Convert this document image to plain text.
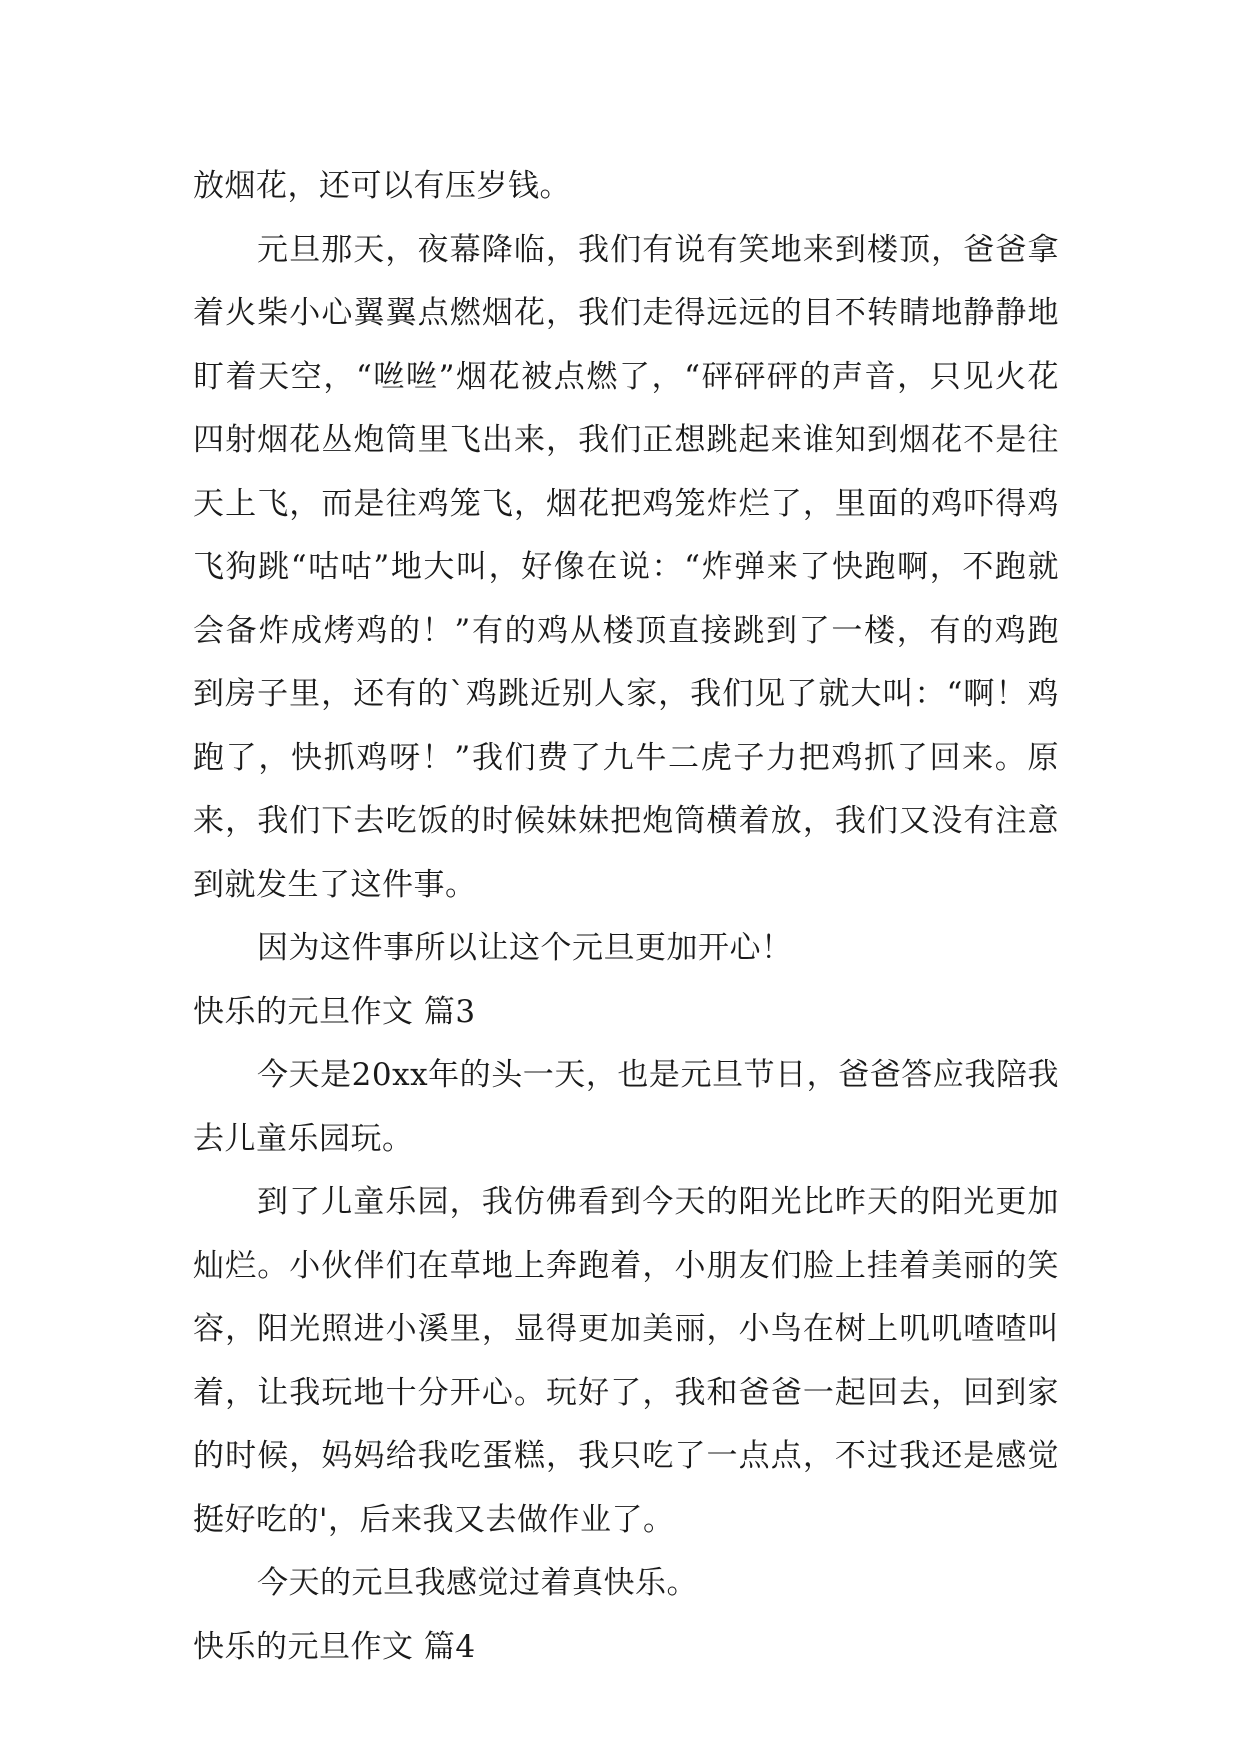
放烟花，还可以有压岁钱。

元旦那天，夜幕降临，我们有说有笑地来到楼顶，爸爸拿着火柴小心翼翼点燃烟花，我们走得远远的目不转睛地静静地盯着天空，“咝咝”烟花被点燃了，“砰砰砰的声音，只见火花四射烟花丛炮筒里飞出来，我们正想跳起来谁知到烟花不是往天上飞，而是往鸡笼飞，烟花把鸡笼炸烂了，里面的鸡吓得鸡飞狗跳“咕咕”地大叫，好像在说：“炸弹来了快跑啊，不跑就会备炸成烤鸡的！”有的鸡从楼顶直接跳到了一楼，有的鸡跑到房子里，还有的`鸡跳近别人家，我们见了就大叫：“啊！鸡跑了，快抓鸡呀！”我们费了九牛二虎子力把鸡抓了回来。原来，我们下去吃饭的时候妹妹把炮筒横着放，我们又没有注意到就发生了这件事。

因为这件事所以让这个元旦更加开心！

快乐的元旦作文 篇3

今天是20xx年的头一天，也是元旦节日，爸爸答应我陪我去儿童乐园玩。

到了儿童乐园，我仿佛看到今天的阳光比昨天的阳光更加灿烂。小伙伴们在草地上奔跑着，小朋友们脸上挂着美丽的笑容，阳光照进小溪里，显得更加美丽，小鸟在树上叽叽喳喳叫着，让我玩地十分开心。玩好了，我和爸爸一起回去，回到家的时候，妈妈给我吃蛋糕，我只吃了一点点，不过我还是感觉挺好吃的'，后来我又去做作业了。

今天的元旦我感觉过着真快乐。

快乐的元旦作文 篇4
